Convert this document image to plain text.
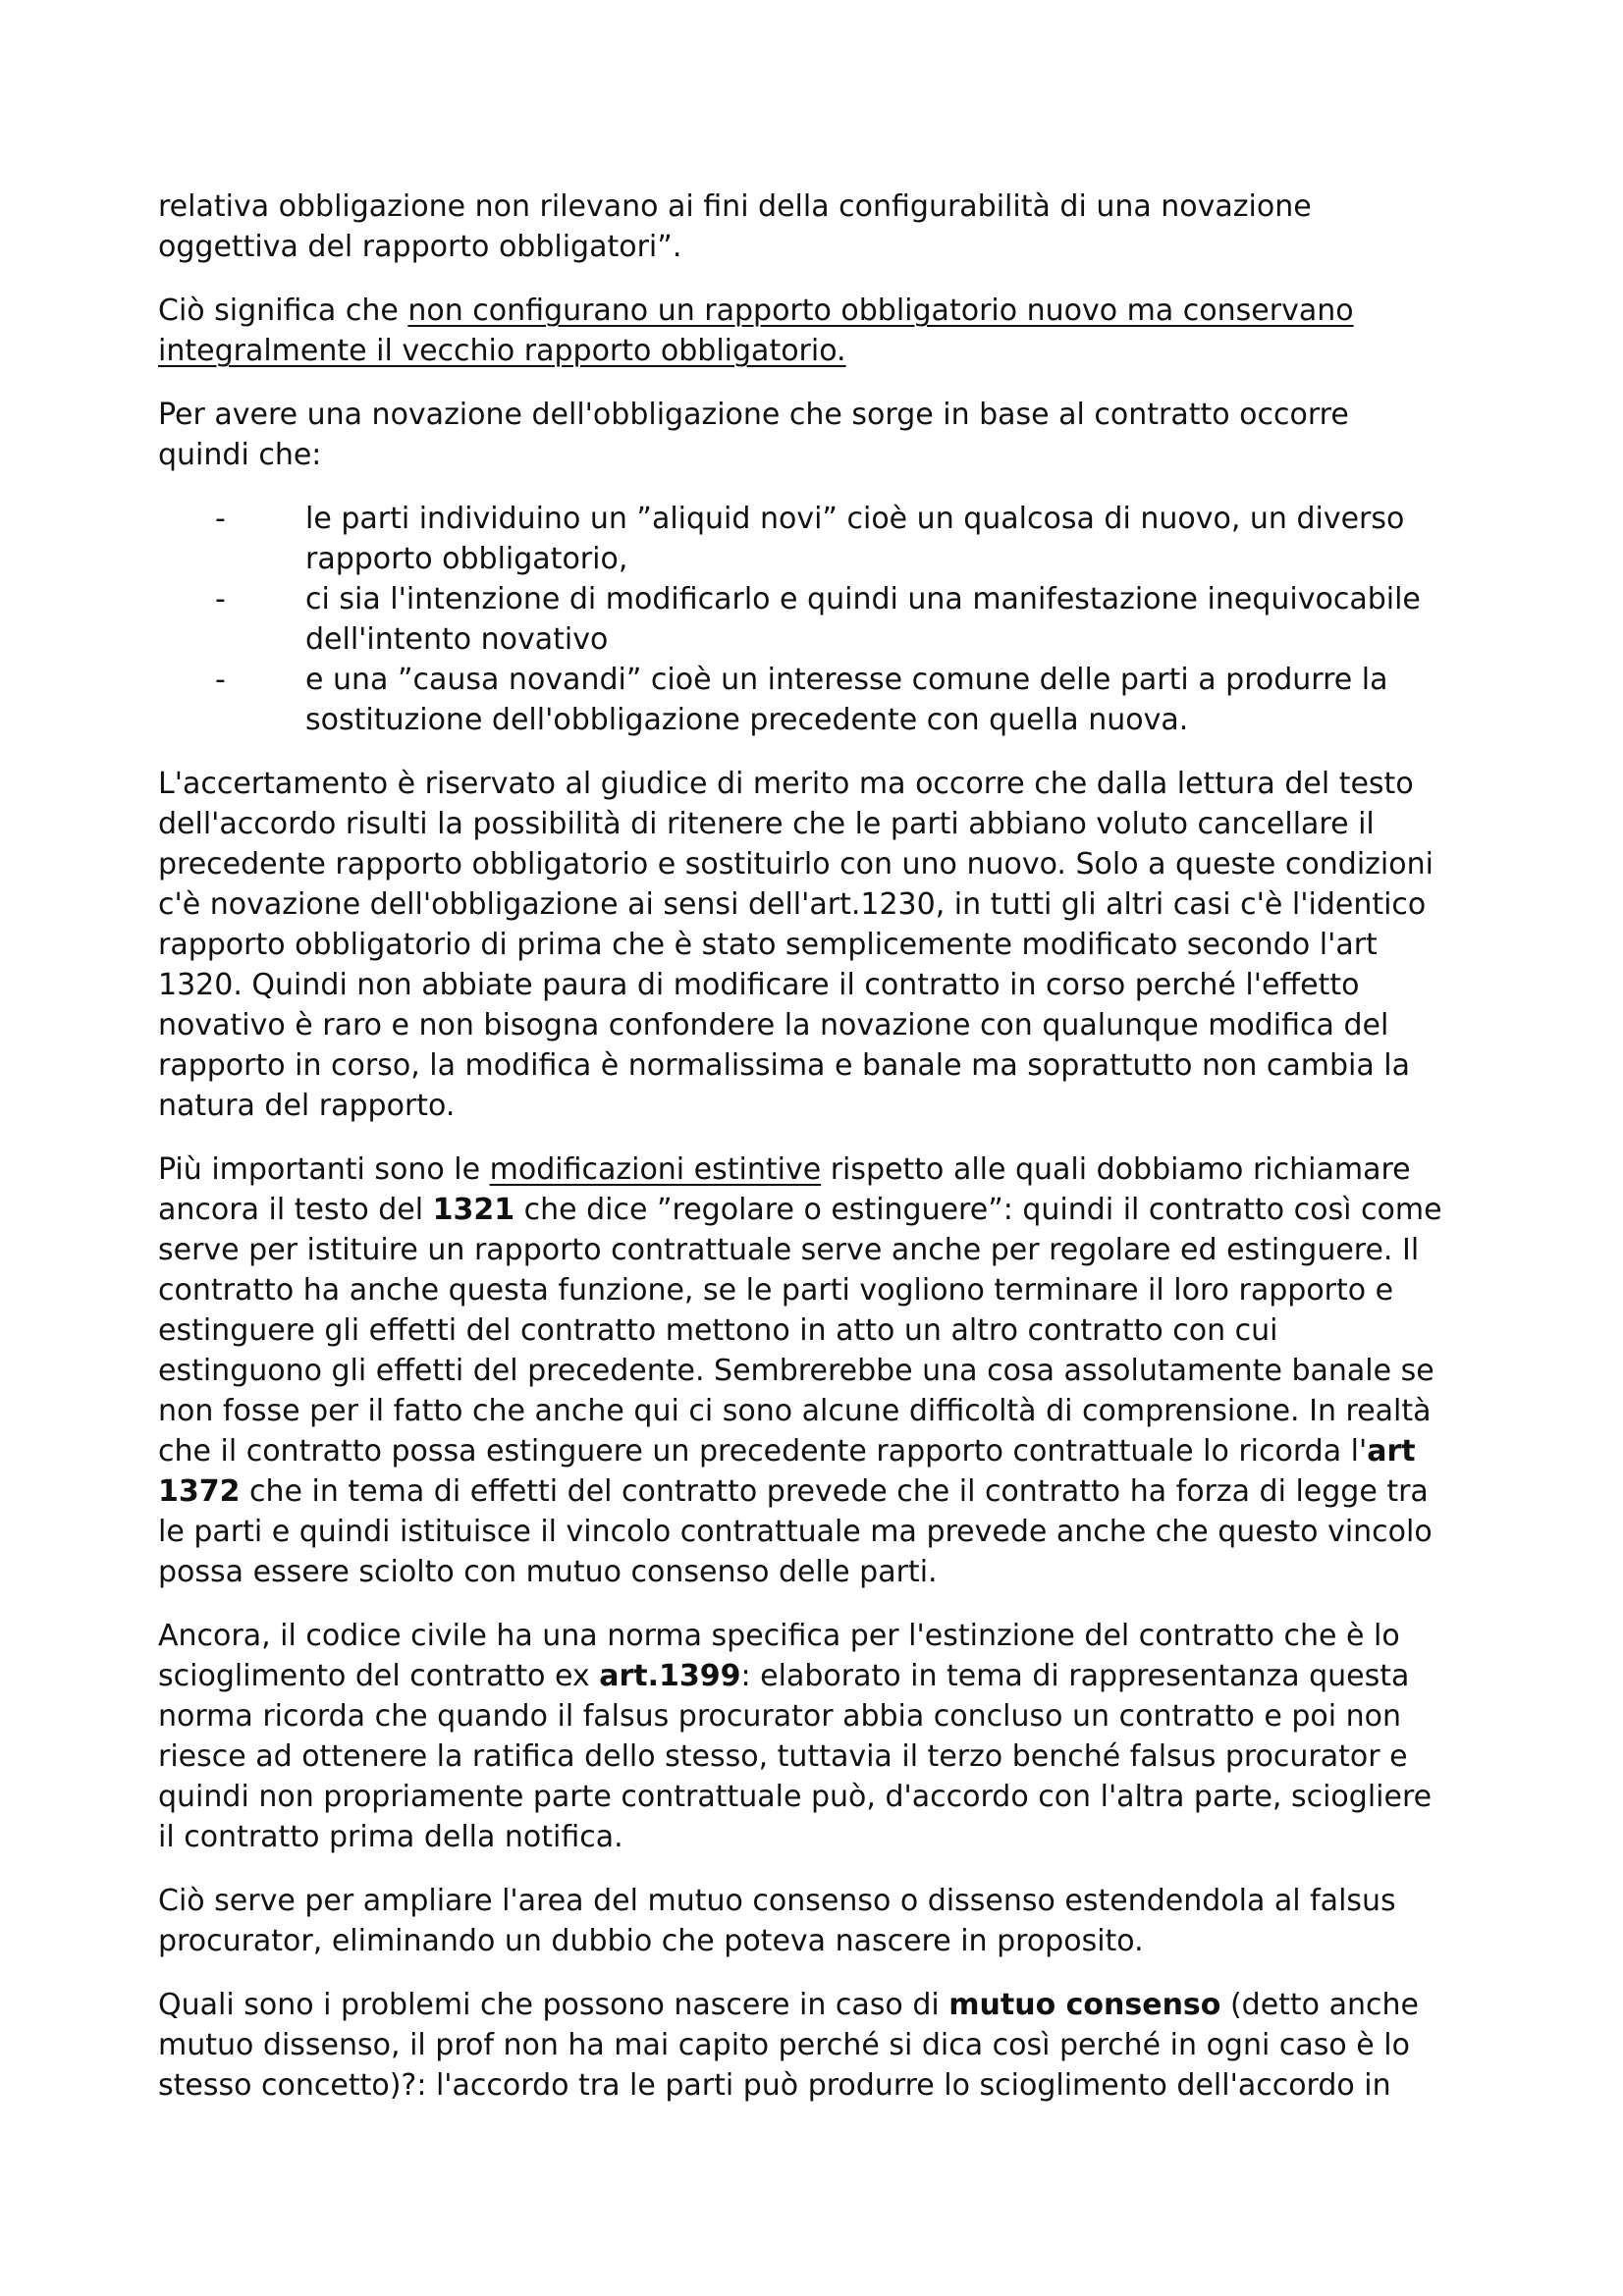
relativa obbligazione non rilevano ai fini della configurabilità di una novazione
oggettiva del rapporto obbligatori”.

Ciò significa che non configurano un rapporto obbligatorio nuovo ma conservano
integralmente il vecchio rapporto obbligatorio.

Per avere una novazione dell'obbligazione che sorge in base al contratto occorre
quindi che:

-	le parti individuino un ”aliquid novi” cioè un qualcosa di nuovo, un diverso
rapporto obbligatorio,
-	ci sia l'intenzione di modificarlo e quindi una manifestazione inequivocabile
dell'intento novativo
-	e una ”causa novandi” cioè un interesse comune delle parti a produrre la
sostituzione dell'obbligazione precedente con quella nuova.

L'accertamento è riservato al giudice di merito ma occorre che dalla lettura del testo
dell'accordo risulti la possibilità di ritenere che le parti abbiano voluto cancellare il
precedente rapporto obbligatorio e sostituirlo con uno nuovo. Solo a queste condizioni
c'è novazione dell'obbligazione ai sensi dell'art.1230, in tutti gli altri casi c'è l'identico
rapporto obbligatorio di prima che è stato semplicemente modificato secondo l'art
1320. Quindi non abbiate paura di modificare il contratto in corso perché l'effetto
novativo è raro e non bisogna confondere la novazione con qualunque modifica del
rapporto in corso, la modifica è normalissima e banale ma soprattutto non cambia la
natura del rapporto.

Più importanti sono le modificazioni estintive rispetto alle quali dobbiamo richiamare
ancora il testo del 1321 che dice ”regolare o estinguere”: quindi il contratto così come
serve per istituire un rapporto contrattuale serve anche per regolare ed estinguere. Il
contratto ha anche questa funzione, se le parti vogliono terminare il loro rapporto e
estinguere gli effetti del contratto mettono in atto un altro contratto con cui
estinguono gli effetti del precedente. Sembrerebbe una cosa assolutamente banale se
non fosse per il fatto che anche qui ci sono alcune difficoltà di comprensione. In realtà
che il contratto possa estinguere un precedente rapporto contrattuale lo ricorda l'art
1372 che in tema di effetti del contratto prevede che il contratto ha forza di legge tra
le parti e quindi istituisce il vincolo contrattuale ma prevede anche che questo vincolo
possa essere sciolto con mutuo consenso delle parti.

Ancora, il codice civile ha una norma specifica per l'estinzione del contratto che è lo
scioglimento del contratto ex art.1399: elaborato in tema di rappresentanza questa
norma ricorda che quando il falsus procurator abbia concluso un contratto e poi non
riesce ad ottenere la ratifica dello stesso, tuttavia il terzo benché falsus procurator e
quindi non propriamente parte contrattuale può, d'accordo con l'altra parte, sciogliere
il contratto prima della notifica.

Ciò serve per ampliare l'area del mutuo consenso o dissenso estendendola al falsus
procurator, eliminando un dubbio che poteva nascere in proposito.

Quali sono i problemi che possono nascere in caso di mutuo consenso (detto anche
mutuo dissenso, il prof non ha mai capito perché si dica così perché in ogni caso è lo
stesso concetto)?: l'accordo tra le parti può produrre lo scioglimento dell'accordo in
